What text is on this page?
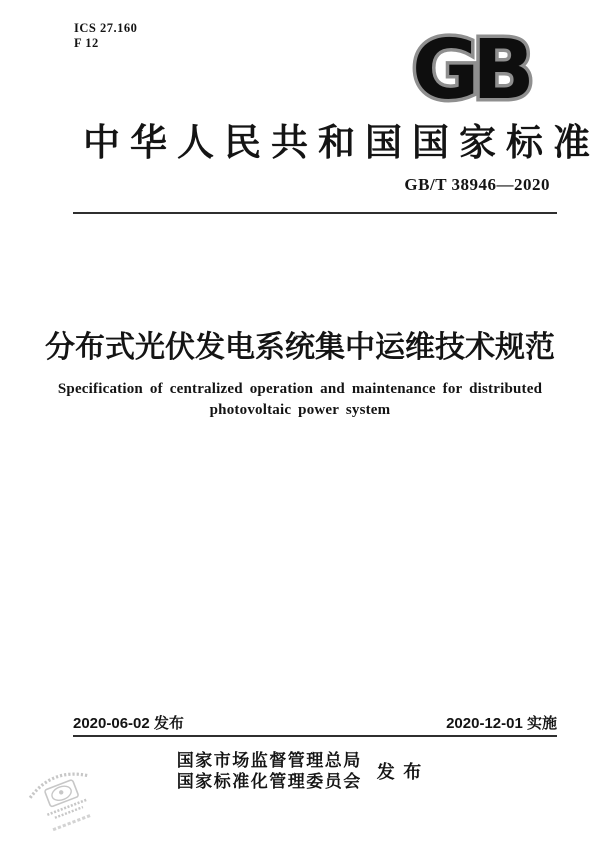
ICS 27.160
F 12	GB
中华人民共和国国家标准
GB/T 38946—2020
分布式光伏发电系统集中运维技术规范
Specification of centralized operation and maintenance for distributed
photovoltaic power system
2020-06-02 发布	2020-12-01 实施
国家市场监督管理总局
国家标准化管理委员会 发 布
